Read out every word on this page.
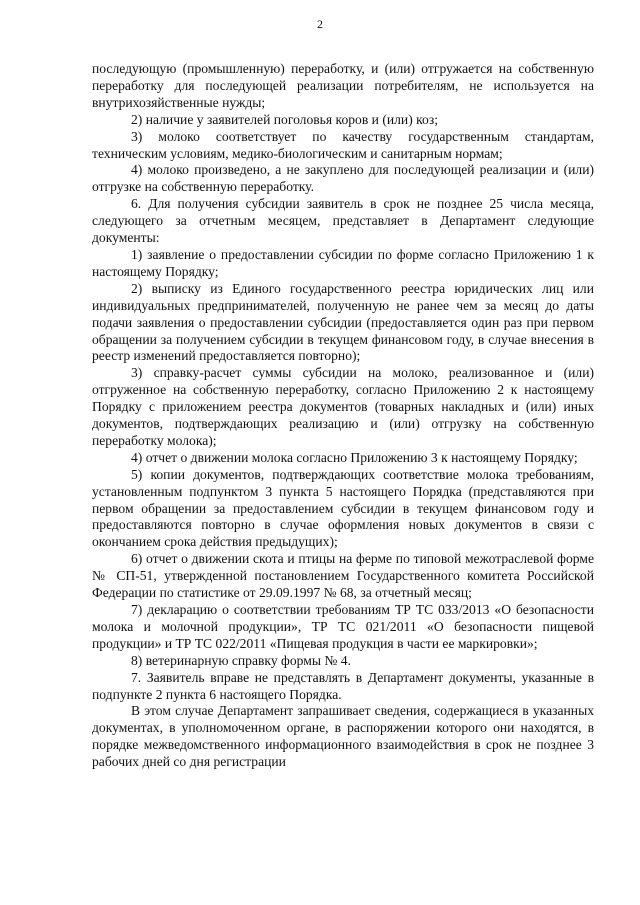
2

последующую (промышленную) переработку, и (или) отгружается на собственную переработку для последующей реализации потребителям, не используется на внутрихозяйственные нужды;

2) наличие у заявителей поголовья коров и (или) коз;

3) молоко соответствует по качеству государственным стандартам, техническим условиям, медико-биологическим и санитарным нормам;

4) молоко произведено, а не закуплено для последующей реализации и (или) отгрузке на собственную переработку.

6. Для получения субсидии заявитель в срок не позднее 25 числа месяца, следующего за отчетным месяцем, представляет в Департамент следующие документы:

1) заявление о предоставлении субсидии по форме согласно Приложению 1 к настоящему Порядку;

2) выписку из Единого государственного реестра юридических лиц или индивидуальных предпринимателей, полученную не ранее чем за месяц до даты подачи заявления о предоставлении субсидии (предоставляется один раз при первом обращении за получением субсидии в текущем финансовом году, в случае внесения в реестр изменений предоставляется повторно);

3) справку-расчет суммы субсидии на молоко, реализованное и (или) отгруженное на собственную переработку, согласно Приложению 2 к настоящему Порядку с приложением реестра документов (товарных накладных и (или) иных документов, подтверждающих реализацию и (или) отгрузку на собственную переработку молока);

4) отчет о движении молока согласно Приложению 3 к настоящему Порядку;

5) копии документов, подтверждающих соответствие молока требованиям, установленным подпунктом 3 пункта 5 настоящего Порядка (представляются при первом обращении за предоставлением субсидии в текущем финансовом году и предоставляются повторно в случае оформления новых документов в связи с окончанием срока действия предыдущих);

6) отчет о движении скота и птицы на ферме по типовой межотраслевой форме № СП-51, утвержденной постановлением Государственного комитета Российской Федерации по статистике от 29.09.1997 № 68, за отчетный месяц;

7) декларацию о соответствии требованиям ТР ТС 033/2013 «О безопасности молока и молочной продукции», ТР ТС 021/2011 «О безопасности пищевой продукции» и ТР ТС 022/2011 «Пищевая продукция в части ее маркировки»;

8) ветеринарную справку формы № 4.

7. Заявитель вправе не представлять в Департамент документы, указанные в подпункте 2 пункта 6 настоящего Порядка.

В этом случае Департамент запрашивает сведения, содержащиеся в указанных документах, в уполномоченном органе, в распоряжении которого они находятся, в порядке межведомственного информационного взаимодействия в срок не позднее 3 рабочих дней со дня регистрации
